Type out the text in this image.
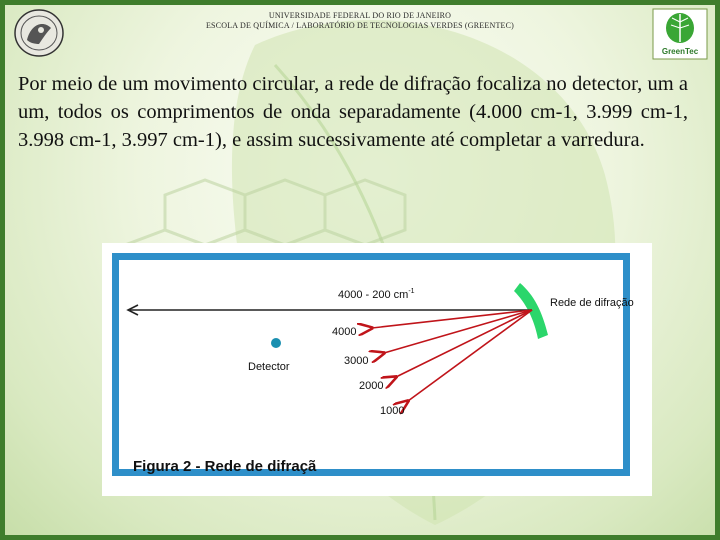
UNIVERSIDADE FEDERAL DO RIO DE JANEIRO
ESCOLA DE QUÍMICA / LABORATÓRIO DE TECNOLOGIAS VERDES (GREENTEC)
GreenTec
Por meio de um movimento circular, a rede de difração focaliza no detector, um a um, todos os comprimentos de onda separadamente (4.000 cm-1, 3.999 cm-1, 3.998 cm-1, 3.997 cm-1), e assim sucessivamente até completar a varredura.
Detector
4000 - 200 $cm^{-1}$
Rede de difração
4000
3000
2000
1000
Figura 2 - Rede de difraçã
